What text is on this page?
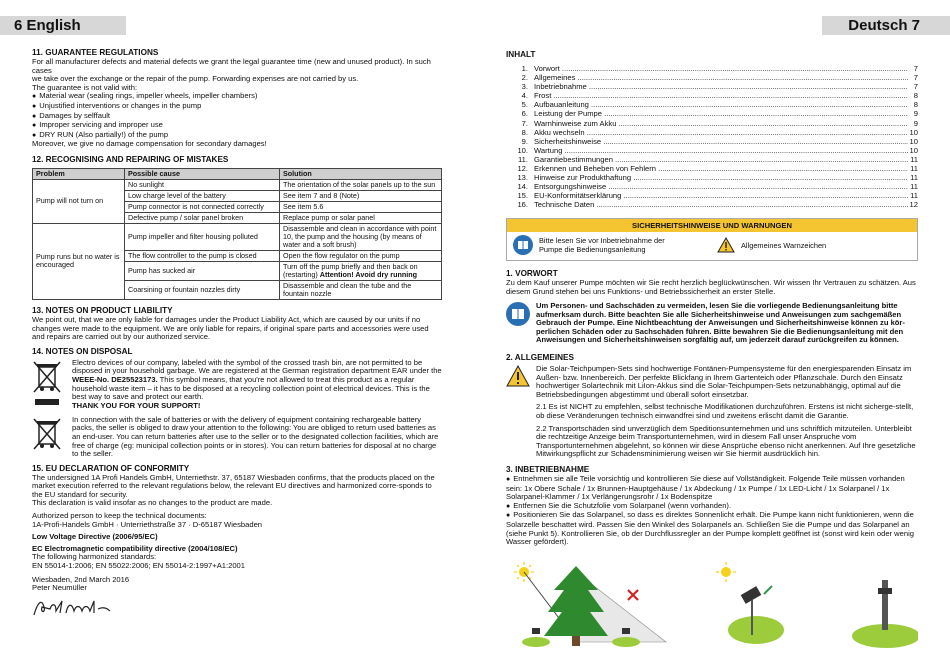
6 English	Deutsch 7

11. GUARANTEE REGULATIONS

For all manufacturer defects and material defects we grant the legal guarantee time (new and unused product). In such cases

we take over the exchange or the repair of the pump. Forwarding expenses are not carried by us.

The guarantee is not valid with:

● Material wear (sealing rings, impeller wheels, impeller chambers)
● Unjustified interventions or changes in the pump
● Damages by selffault
● Improper servicing and improper use
● DRY RUN (Also partially!) of the pump

Moreover, we give no damage compensation for secondary damages!

12. RECOGNISING AND REPAIRING OF MISTAKES

Problem	Possible cause	Solution
Pump will not turn on	No sunlight	The orientation of the solar panels up to the sun
	Low charge level of the battery	See item 7 and 8 (Note)
	Pump connector is not connected correctly	See item 5.6
	Defective pump / solar panel broken	Replace pump or solar panel
Pump runs but no water is encouraged	Pump impeller and filter housing polluted	Disassemble and clean in accordance with point 10, the pump and the housing (by means of water and a soft brush)
	The flow controller to the pump is closed	Open the flow regulator on the pump
	Pump has sucked air	Turn off the pump briefly and then back on (restarting) Attention! Avoid dry running
	Coarsining or fountain nozzles dirty	Disassemble and clean the tube and the fountain nozzle

13. NOTES ON PRODUCT LIABILITY

We point out, that we are only liable for damages under the Product Liability Act, which are caused by our units if no changes were made to the equipment. We are only liable for repairs, if original spare parts and accessories were used and repairs are carried out by our authorized service.

14. NOTES ON DISPOSAL

Electro devices of our company, labeled with the symbol of the crossed trash bin, are not permitted to be disposed in your household garbage. We are registered at the German registration department EAR under the WEEE-No. DE25523173. This symbol means, that you're not allowed to treat this product as a regular household waste item – it has to be disposed at a recycling collection point of electrical devices. This is the best way to save and protect our earth.

THANK YOU FOR YOUR SUPPORT!

In connection with the sale of batteries or with the delivery of equipment containing rechargeable battery packs, the seller is obliged to draw your attention to the following: You are obliged to return used batteries as an end-user. You can return batteries after use to the seller or to the designated collection facilities, which are free of charge (eg: municipal collection points or in stores). You can return batteries for disposal at no charge to the seller.

15. EU DECLARATION OF CONFORMITY

The undersigned 1A Profi Handels GmbH, Unterriethstr. 37, 65187 Wiesbaden confirms, that the products placed on the market execution referred to the relevant regulations below, the relevant EU directives and harmonized corre-sponds to the EU standard for security.

This declaration is valid insofar as no changes to the product are made.

Authorized person to keep the technical documents:

1A-Profi-Handels GmbH · Unterriethstraße 37 · D-65187 Wiesbaden

Low Voltage Directive (2006/95/EC)

EC Electromagnetic compatibility directive (2004/108/EC)

The following harmonized standards:

EN 55014-1:2006; EN 55022:2006; EN 55014-2:1997+A1:2001

Wiesbaden, 2nd March 2016

Peter Neumüller

INHALT

1. Vorwort .....	7
2. Allgemeines .....	7
3. Inbetriebnahme .....	7
4. Frost .....	8
5. Aufbauanleitung .....	8
6. Leistung der Pumpe .....	9
7. Warnhinweise zum Akku .....	9
8. Akku wechseln .....	10
9. Sicherheitshinweise .....	10
10. Wartung .....	10
11. Garantiebestimmungen .....	11
12. Erkennen und Beheben von Fehlern .....	11
13. Hinweise zur Produkthaftung .....	11
14. Entsorgungshinweise .....	11
15. EU-Konformitätserklärung .....	11
16. Technische Daten .....	12
SICHERHEITSHINWEISE UND WARNUNGEN
Bitte lesen Sie vor Inbetriebnahme der Pumpe die Bedienungsanleitung	Allgemeines Warnzeichen

1. VORWORT

Zu dem Kauf unserer Pumpe möchten wir Sie recht herzlich beglückwünschen. Wir wissen Ihr Vertrauen zu schätzen. Aus diesem Grund stehen bei uns Funktions- und Betriebssicherheit an erster Stelle.

Um Personen- und Sachschäden zu vermeiden, lesen Sie die vorliegende Bedienungsanleitung bitte aufmerksam durch. Bitte beachten Sie alle Sicherheitshinweise und Anweisungen zum sachgemäßen Gebrauch der Pumpe. Eine Nichtbeachtung der Anweisungen und Sicherheitshinweise können zu kör-perlichen Schäden oder zu Sachschäden führen. Bitte bewahren Sie die Bedienungsanleitung mit den Anweisungen und Sicherheitshinweisen sorgfältig auf, um jederzeit darauf zurückgreifen zu können.

2. ALLGEMEINES

Die Solar-Teichpumpen-Sets sind hochwertige Fontänen-Pumpensysteme für den energiesparenden Einsatz im Außen- bzw. Innenbereich. Der perfekte Blickfang in Ihrem Gartenteich oder Pflanzschale. Durch den Einsatz hochwertiger Solartechnik mit LiIon-Akkus sind die Solar-Teichpumpen-Sets netzunabhängig, optimal auf die Betriebsbedingungen abgestimmt und überall sofort einsetzbar.

2.1 Es ist NICHT zu empfehlen, selbst technische Modifikationen durchzuführen. Erstens ist nicht sicherge-stellt, ob diese Veränderungen technisch einwandfrei sind und zweitens erlischt damit die Garantie.

2.2 Transportschäden sind unverzüglich dem Speditionsunternehmen und uns schriftlich mitzuteilen. Unterbleibt die rechtzeitige Anzeige beim Transportunternehmen, wird in diesem Fall unser Anspruche vom Transportunternehmen abgelehnt, so können wir diese Ansprüche ebenso nicht anerkennen. Auf Ihre gesetzliche Mitwirkungspflicht zur Schadensminimierung weisen wir Sie hiermit ausdrücklich hin.

3. INBETRIEBNAHME

● Entnehmen sie alle Teile vorsichtig und kontrollieren Sie diese auf Vollständigkeit. Folgende Teile müssen vorhanden sein: 1x Obere Schale / 1x Brunnen-Hauptgehäuse / 1x Abdeckung / 1x Pumpe / 1x LED-Licht / 1x Solarpanel / 1x Solarpanel-Klammer / 1x Verlängerungsrohr / 1x Bodenspitze
● Entfernen Sie die Schutzfolie vom Solarpanel (wenn vorhanden).
● Positionieren Sie das Solarpanel, so dass es direktes Sonnenlicht erhält. Die Pumpe kann nicht funktionieren, wenn die Solarzelle beschattet wird. Passen Sie den Winkel des Solarpanels an. Schließen Sie die Pumpe und das Solarpanel an (siehe Punkt 5). Kontrollieren Sie, ob der Durchflussregler an der Pumpe komplett geöffnet ist (sonst wird kein oder wenig Wasser gefördert).
